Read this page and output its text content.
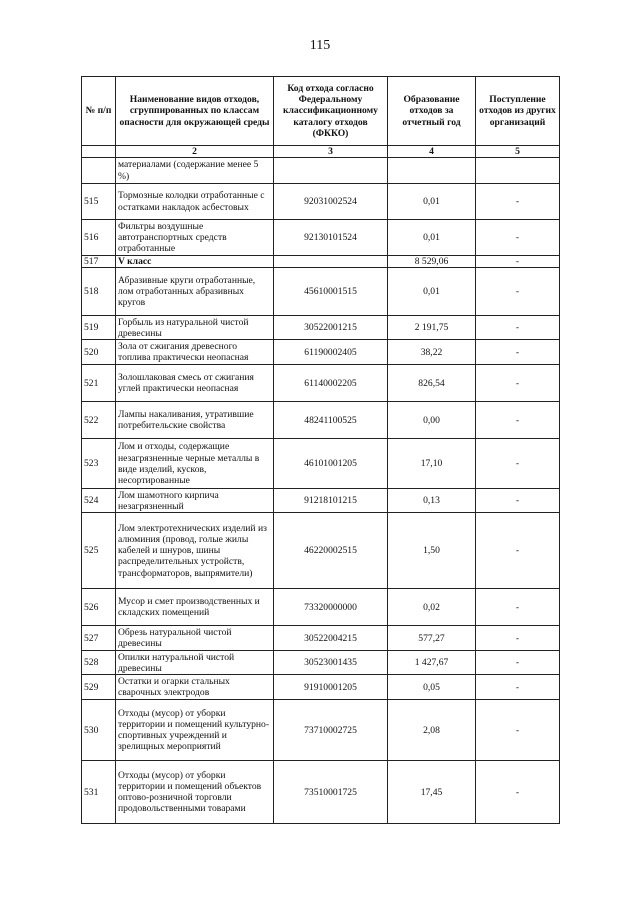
115
№ п/п	Наименование видов отходов, сгруппированных по классам опасности для окружающей среды	Код отхода согласно Федеральному классификационному каталогу отходов (ФККО)	Образование отходов за отчетный год	Поступление отходов из других организаций
	2	3	4	5
	материалами (содержание менее 5 %)			
515	Тормозные колодки отработанные с остатками накладок асбестовых	92031002524	0,01	-
516	Фильтры воздушные автотранспортных средств отработанные	92130101524	0,01	-
517	V класс		8 529,06	-
518	Абразивные круги отработанные, лом отработанных абразивных кругов	45610001515	0,01	-
519	Горбыль из натуральной чистой древесины	30522001215	2 191,75	-
520	Зола от сжигания древесного топлива практически неопасная	61190002405	38,22	-
521	Золошлаковая смесь от сжигания углей практически неопасная	61140002205	826,54	-
522	Лампы накаливания, утратившие потребительские свойства	48241100525	0,00	-
523	Лом и отходы, содержащие незагрязненные черные металлы в виде изделий, кусков, несортированные	46101001205	17,10	-
524	Лом шамотного кирпича незагрязненный	91218101215	0,13	-
525	Лом электротехнических изделий из алюминия (провод, голые жилы кабелей и шнуров, шины распределительных устройств, трансформаторов, выпрямители)	46220002515	1,50	-
526	Мусор и смет производственных и складских помещений	73320000000	0,02	-
527	Обрезь натуральной чистой древесины	30522004215	577,27	-
528	Опилки натуральной чистой древесины	30523001435	1 427,67	-
529	Остатки и огарки стальных сварочных электродов	91910001205	0,05	-
530	Отходы (мусор) от уборки территории и помещений культурно-спортивных учреждений и зрелищных мероприятий	73710002725	2,08	-
531	Отходы (мусор) от уборки территории и помещений объектов оптово-розничной торговли продовольственными товарами	73510001725	17,45	-
